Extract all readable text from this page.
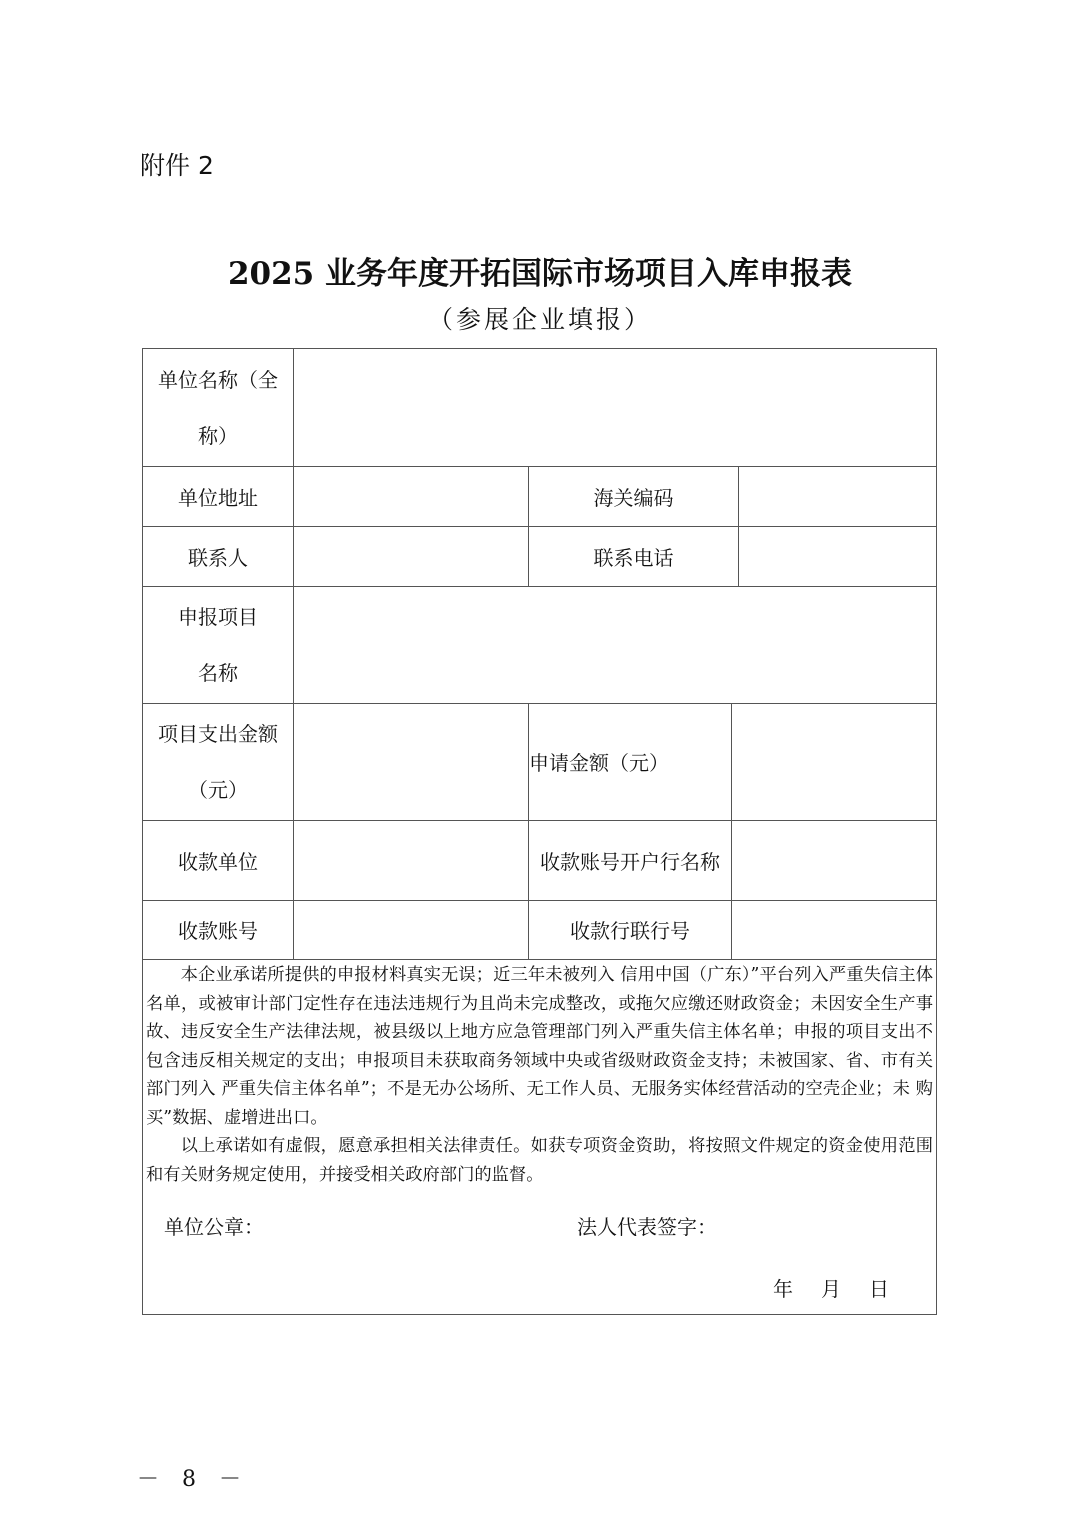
附件 2
2025 业务年度开拓国际市场项目入库申报表
（参展企业填报）
单位名称（全
称）
单位地址	海关编码
联系人	联系电话
申报项目
名称
项目支出金额
（元）
申请金额（元）
收款单位	收款账号开户行名称
收款账号	收款行联行号

本企业承诺所提供的申报材料真实无误；近三年未被列入 信用中国（广东）”平台列入严重失信主体名单，或被审计部门定性存在违法违规行为且尚未完成整改，或拖欠应缴还财政资金；未因安全生产事故、违反安全生产法律法规，被县级以上地方应急管理部门列入严重失信主体名单；申报的项目支出不包含违反相关规定的支出；申报项目未获取商务领域中央或省级财政资金支持；未被国家、省、市有关部门列入 严重失信主体名单”；不是无办公场所、无工作人员、无服务实体经营活动的空壳企业；未 购买”数据、虚增进出口。

以上承诺如有虚假，愿意承担相关法律责任。如获专项资金资助，将按照文件规定的资金使用范围和有关财务规定使用，并接受相关政府部门的监督。

单位公章：	法人代表签字：
年　月　日
－ 8 －
